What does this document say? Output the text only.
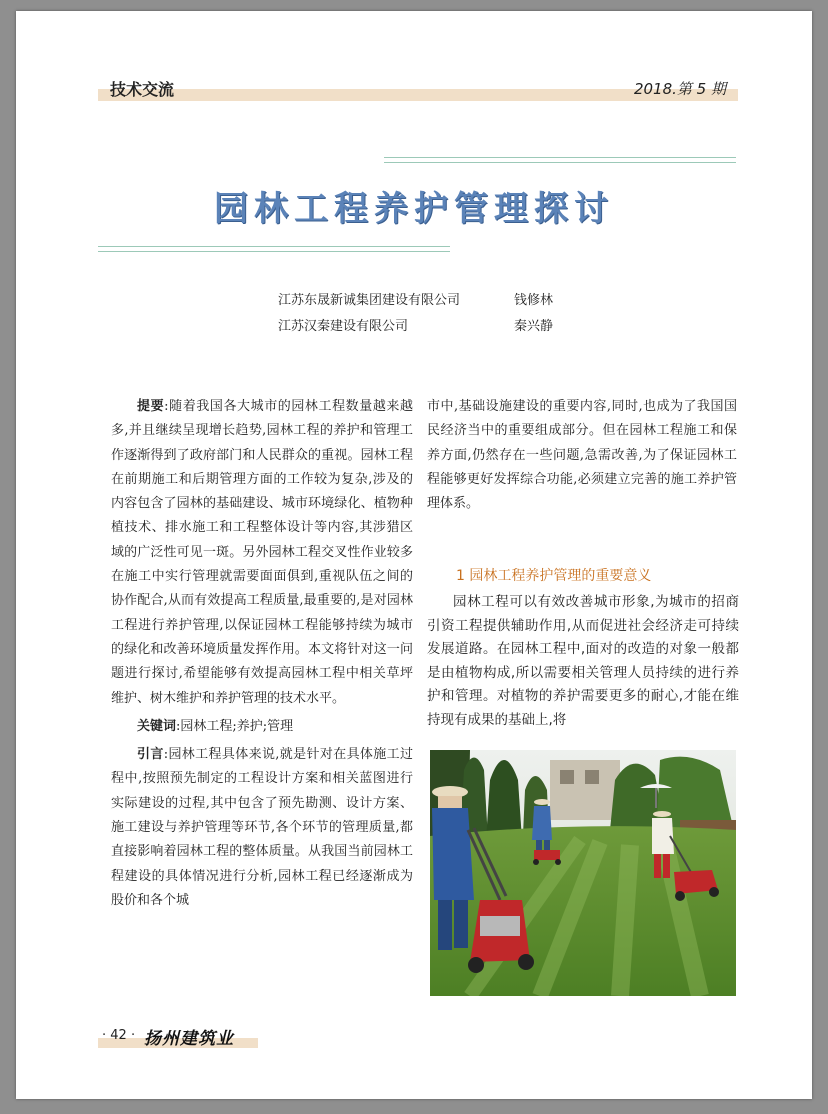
技术交流	2018.第 5 期
园林工程养护管理探讨
江苏东晟新诚集团建设有限公司	钱修林
江苏汉秦建设有限公司	秦兴静

提要:随着我国各大城市的园林工程数量越来越多,并且继续呈现增长趋势,园林工程的养护和管理工作逐渐得到了政府部门和人民群众的重视。园林工程在前期施工和后期管理方面的工作较为复杂,涉及的内容包含了园林的基础建设、城市环境绿化、植物种植技术、排水施工和工程整体设计等内容,其涉猎区域的广泛性可见一斑。另外园林工程交叉性作业较多在施工中实行管理就需要面面俱到,重视队伍之间的协作配合,从而有效提高工程质量,最重要的,是对园林工程进行养护管理,以保证园林工程能够持续为城市的绿化和改善环境质量发挥作用。本文将针对这一问题进行探讨,希望能够有效提高园林工程中相关草坪维护、树木维护和养护管理的技术水平。

关键词:园林工程;养护;管理

引言:园林工程具体来说,就是针对在具体施工过程中,按照预先制定的工程设计方案和相关蓝图进行实际建设的过程,其中包含了预先勘测、设计方案、施工建设与养护管理等环节,各个环节的管理质量,都直接影响着园林工程的整体质量。从我国当前园林工程建设的具体情况进行分析,园林工程已经逐渐成为股价和各个城

市中,基础设施建设的重要内容,同时,也成为了我国国民经济当中的重要组成部分。但在园林工程施工和保养方面,仍然存在一些问题,急需改善,为了保证园林工程能够更好发挥综合功能,必须建立完善的施工养护管理体系。

1 园林工程养护管理的重要意义

园林工程可以有效改善城市形象,为城市的招商引资工程提供辅助作用,从而促进社会经济走可持续发展道路。在园林工程中,面对的改造的对象一般都是由植物构成,所以需要相关管理人员持续的进行养护和管理。对植物的养护需要更多的耐心,才能在维持现有成果的基础上,将

· 42 · 扬州建筑业
